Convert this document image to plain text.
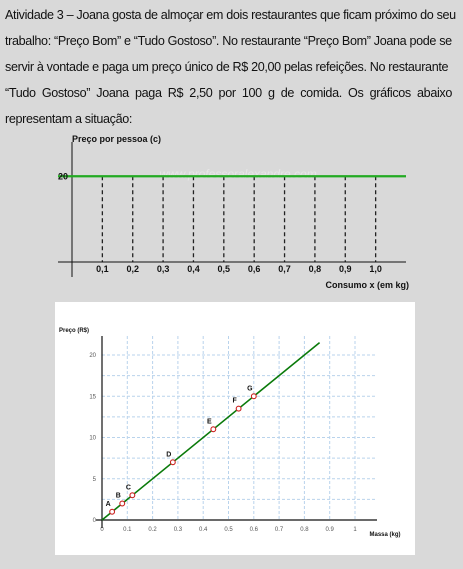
Atividade 3 – Joana gosta de almoçar em dois restaurantes que ficam próximo do seu
trabalho: “Preço Bom” e “Tudo Gostoso”. No restaurante “Preço Bom” Joana pode se
servir à vontade e paga um preço único de R$ 20,00 pelas refeições. No restaurante
“Tudo Gostoso” Joana paga R$ 2,50 por 100 g de comida. Os gráficos abaixo
representam a situação:
www.professoralexandre.com
0,1 0,2 0,3 0,4 0,5 0,6 0,7 0,8 0,9 1,0
20
Preço por pessoa (c)
Consumo x (em kg)
0	0.1	0.2	0.3	0.4	0.5	0.6	0.7	0.8	0.9	1
0
5
10
15
20
Preço (R$)
Massa (kg)
A
B
C
D
E
F
G
